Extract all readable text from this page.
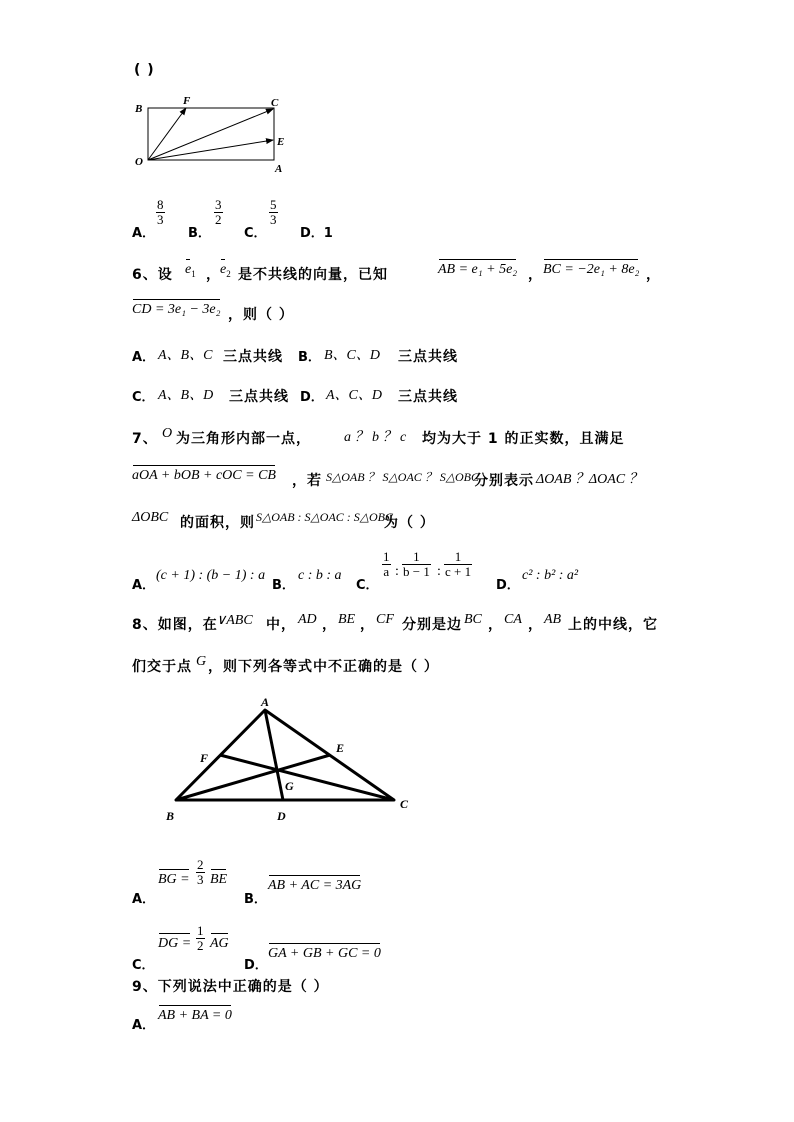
( )
B
F	C
O
E
A
A．
$\frac{8}{3}$
B．
$\frac{3}{2}$
C．
$\frac{5}{3}$
D．1
6、设 $e_1$ ， $e_2$ 是不共线的向量，已知	AB = e₁ + 5e₂ ， BC = −2e₁ + 8e₂ ，
CD = 3e₁ − 3e₂ ，则（ ）
A． A、B、C 三点共线 B． B、C、D 三点共线
C． A、B、D 三点共线 D． A、C、D 三点共线
7、 O 为三角形内部一点， a ？ b ？ c 均为大于 1 的正实数，且满足
aOA + bOB + cOC = CB ，若 S△OAB ？ S△OAC ？ S△OBC
分别表示 ΔOAB ？ΔOAC ？
ΔOBC 的面积，则 S△OAB : S△OAC : S△OBC
为（ ）
A．
(c + 1) : (b − 1) : a
B．
c : b : a
C．
$\frac{1}{a}$ : $\frac{1}{b - 1}$ : $\frac{1}{c + 1}$
D．
c² : b² : a²
8、如图，在
∨ABC 中， AD ， BE ， CF 分别是边 BC ， CA ， AB 上的中线，它
们交于点 G ，则下列各等式中不正确的是（ ）
A
B
C
D
E
F
G
A．
BG = $\frac{2}{3}$ BE
B．
AB + AC = 3AG
C．
DG = $\frac{1}{2}$ AG
D．
GA + GB + GC = 0
9、下列说法中正确的是（ ）
A．
AB + BA = 0
